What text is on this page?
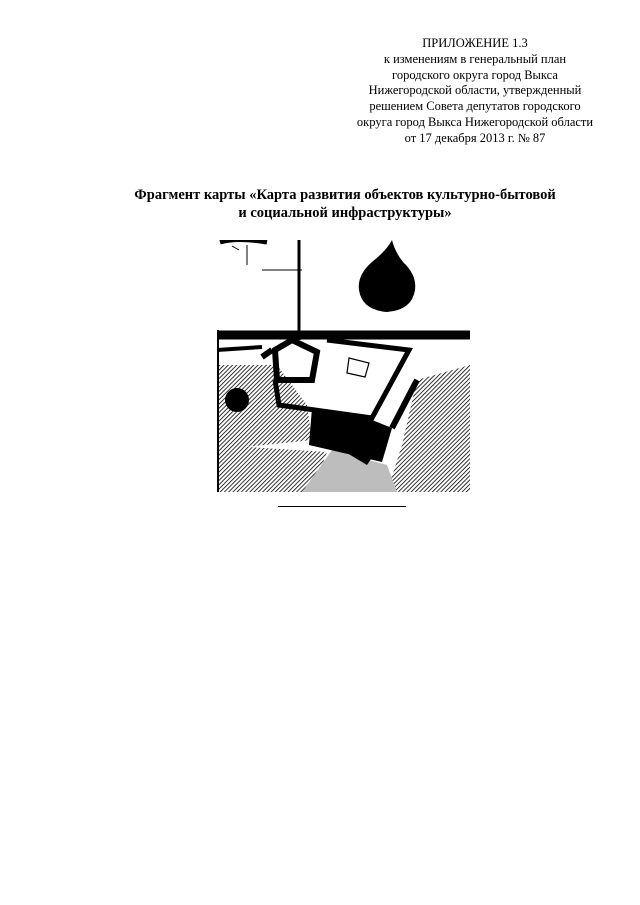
ПРИЛОЖЕНИЕ 1.3
к изменениям в генеральный план
городского округа город Выкса
Нижегородской области, утвержденный
решением Совета депутатов городского
округа город Выкса Нижегородской области
от 17 декабря 2013 г. № 87
Фрагмент карты «Карта развития объектов культурно-бытовой
и социальной инфраструктуры»
